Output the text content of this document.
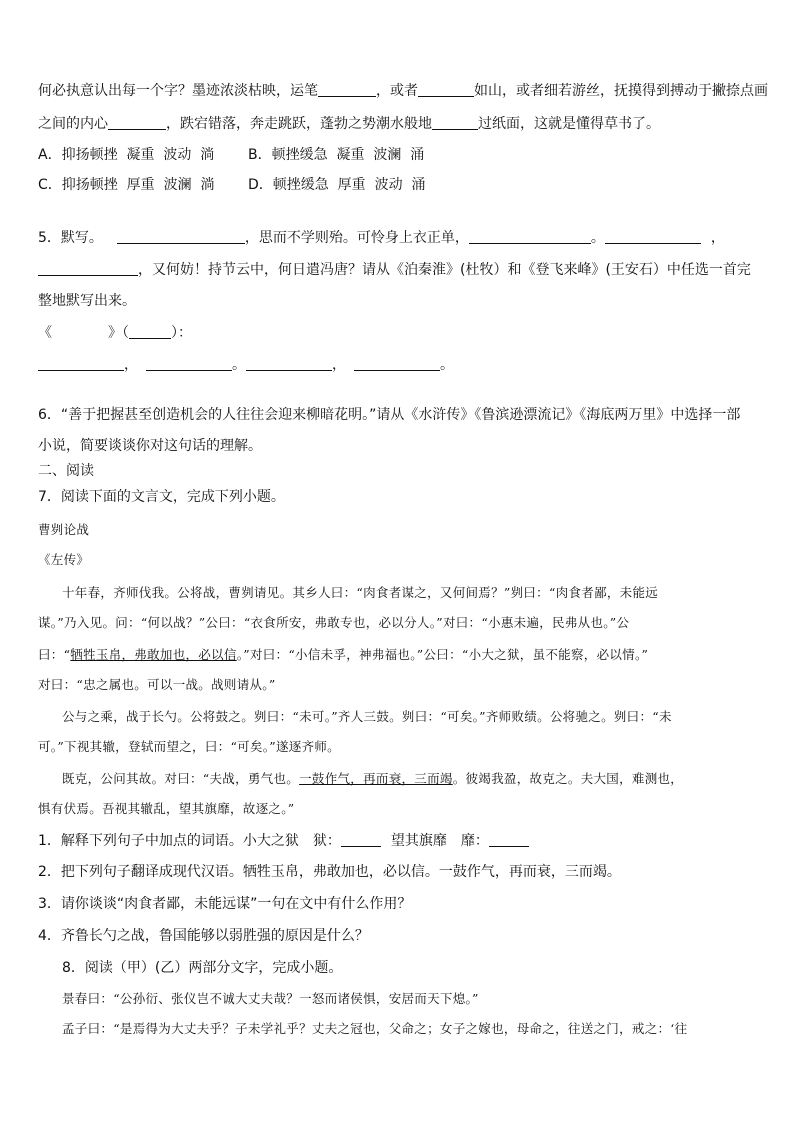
何必执意认出每一个字？墨迹浓淡枯映，运笔	，或者	如山，或者细若游丝，抚摸得到搏动于撇捺点画
之间的内心	，跌宕错落，奔走跳跃，蓬勃之势潮水般地	过纸面，这就是懂得草书了。
A．抑扬顿挫  凝重  波动  淌 B．顿挫缓急  凝重  波澜  涌
C．抑扬顿挫  厚重  波澜  淌 D．顿挫缓急  厚重  波动  涌
5．默写。	，思而不学则殆。可怜身上衣正单，	。	，
，又何妨！持节云中，何日遣冯唐？请从《泊秦淮》(杜牧）和《登飞来峰》(王安石）中任选一首完
整地默写出来。
《	》（	）：
，	。	，	。
6．“善于把握甚至创造机会的人往往会迎来柳暗花明。”请从《水浒传》《鲁滨逊漂流记》《海底两万里》中选择一部
小说，简要谈谈你对这句话的理解。
二、阅读
7．阅读下面的文言文，完成下列小题。
曹刿论战
《左传》
十年春，齐师伐我。公将战，曹刿请见。其乡人曰：“肉食者谋之，又何间焉？”刿曰：“肉食者鄙，未能远
谋。”乃入见。问：“何以战？”公曰：“衣食所安，弗敢专也，必以分人。”对曰：“小惠未遍，民弗从也。”公
曰：“牺牲玉帛，弗敢加也，必以信。”对曰：“小信未孚，神弗福也。”公曰：“小大之狱，虽不能察，必以情。”
对曰：“忠之属也。可以一战。战则请从。”
公与之乘，战于长勺。公将鼓之。刿曰：“未可。”齐人三鼓。刿曰：“可矣。”齐师败绩。公将驰之。刿曰：“未
可。”下视其辙，登轼而望之，曰：“可矣。”遂逐齐师。
既克，公问其故。对曰：“夫战，勇气也。一鼓作气，再而衰，三而竭。彼竭我盈，故克之。夫大国，难测也，
惧有伏焉。吾视其辙乱，望其旗靡，故逐之。”
1．解释下列句子中加点的词语。小大之狱　狱：	望其旗靡　靡：
2．把下列句子翻译成现代汉语。牺牲玉帛，弗敢加也，必以信。一鼓作气，再而衰，三而竭。
3．请你谈谈“肉食者鄙，未能远谋”一句在文中有什么作用？
4．齐鲁长勺之战，鲁国能够以弱胜强的原因是什么？
8．阅读（甲）(乙）两部分文字，完成小题。
景春曰：“公孙衍、张仪岂不诚大丈夫哉？一怒而诸侯惧，安居而天下熄。”
孟子曰：“是焉得为大丈夫乎？子未学礼乎？丈夫之冠也，父命之；女子之嫁也，母命之，往送之门，戒之：‘往
